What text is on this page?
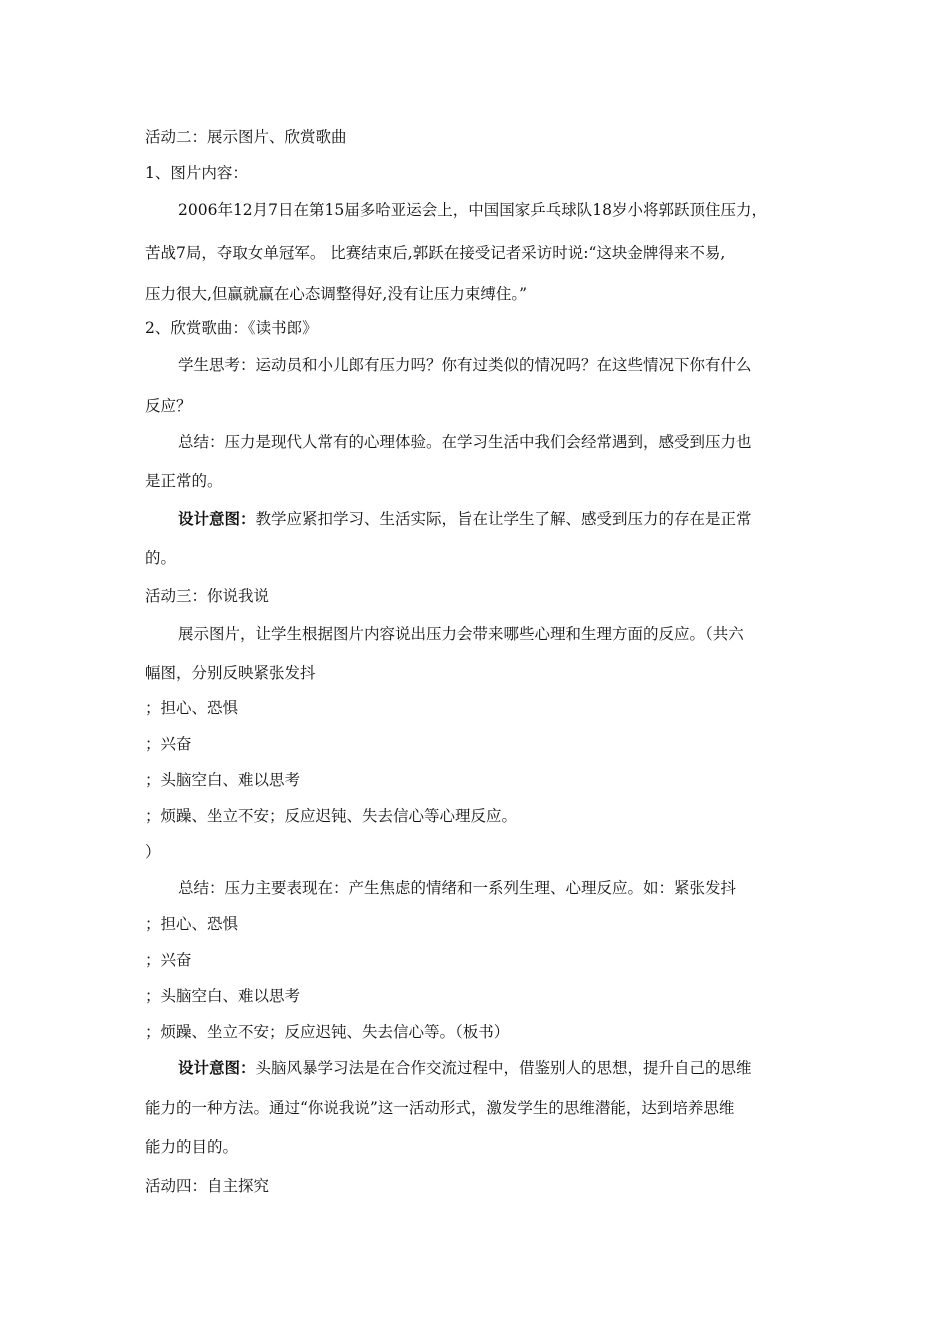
活动二：展示图片、欣赏歌曲
1、图片内容：
2006年12月7日在第15届多哈亚运会上，中国国家乒乓球队18岁小将郭跃顶住压力，
苦战7局，夺取女单冠军。 比赛结束后,郭跃在接受记者采访时说:“这块金牌得来不易,
压力很大,但赢就赢在心态调整得好,没有让压力束缚住。”
2、欣赏歌曲：《读书郎》
学生思考：运动员和小儿郎有压力吗？你有过类似的情况吗？在这些情况下你有什么
反应？
总结：压力是现代人常有的心理体验。在学习生活中我们会经常遇到，感受到压力也
是正常的。
设计意图：教学应紧扣学习、生活实际，旨在让学生了解、感受到压力的存在是正常
的。
活动三：你说我说
展示图片，让学生根据图片内容说出压力会带来哪些心理和生理方面的反应。（共六
幅图，分别反映紧张发抖
；担心、恐惧
；兴奋
；头脑空白、难以思考
；烦躁、坐立不安；反应迟钝、失去信心等心理反应。
）
总结：压力主要表现在：产生焦虑的情绪和一系列生理、心理反应。如：紧张发抖
；担心、恐惧
；兴奋
；头脑空白、难以思考
；烦躁、坐立不安；反应迟钝、失去信心等。（板书）
设计意图：头脑风暴学习法是在合作交流过程中，借鉴别人的思想，提升自己的思维
能力的一种方法。通过“你说我说”这一活动形式，激发学生的思维潜能，达到培养思维
能力的目的。
活动四：自主探究
